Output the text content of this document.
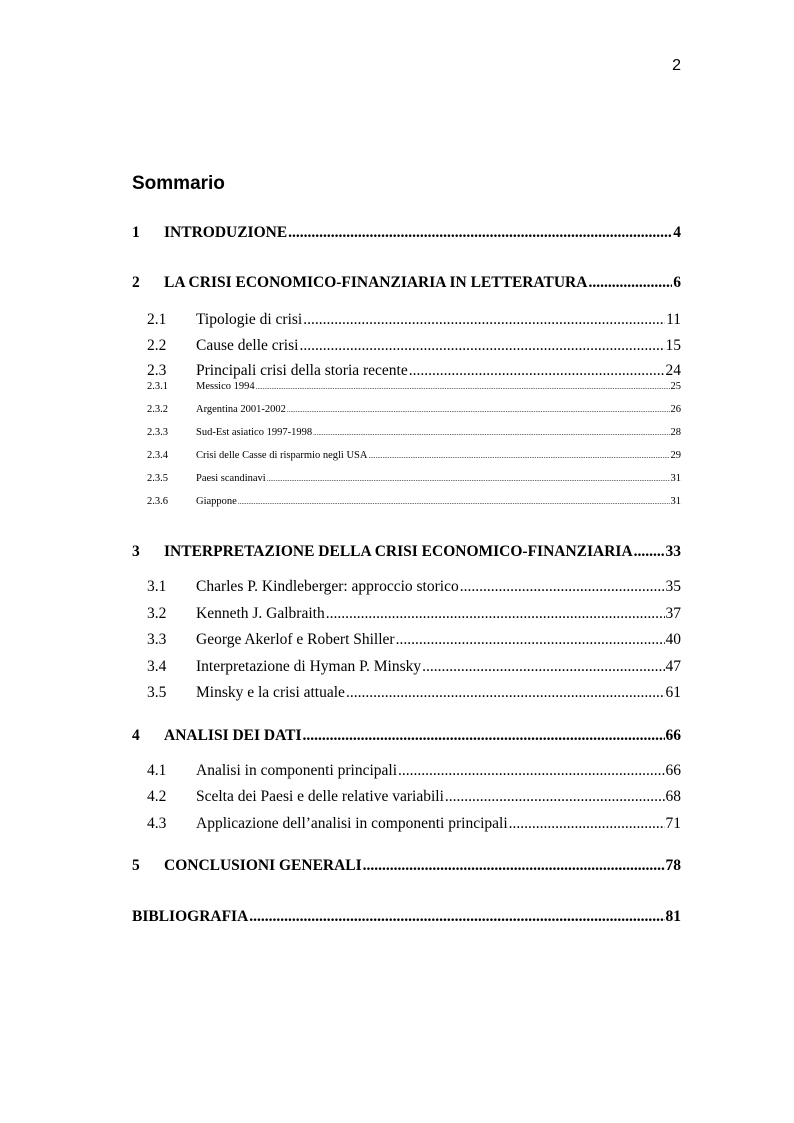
2
Sommario
1	INTRODUZIONE .....	4
2	LA CRISI ECONOMICO-FINANZIARIA IN LETTERATURA .....	6
2.1	Tipologie di crisi .....	11
2.2	Cause delle crisi .....	15
2.3	Principali crisi della storia recente .....	24
2.3.1	Messico 1994 .....	25
2.3.2	Argentina 2001-2002 .....	26
2.3.3	Sud-Est asiatico 1997-1998 .....	28
2.3.4	Crisi delle Casse di risparmio negli USA .....	29
2.3.5	Paesi scandinavi .....	31
2.3.6	Giappone .....	31
3	INTERPRETAZIONE DELLA CRISI ECONOMICO-FINANZIARIA ..... 33
3.1	Charles P. Kindleberger: approccio storico .....	35
3.2	Kenneth J. Galbraith .....	37
3.3	George Akerlof e Robert Shiller .....	40
3.4	Interpretazione di Hyman P. Minsky .....	47
3.5	Minsky e la crisi attuale .....	61
4	ANALISI DEI DATI .....	66
4.1	Analisi in componenti principali .....	66
4.2	Scelta dei Paesi e delle relative variabili .....	68
4.3	Applicazione dell’analisi in componenti principali .....	71
5	CONCLUSIONI GENERALI .....	78
BIBLIOGRAFIA .....	81
